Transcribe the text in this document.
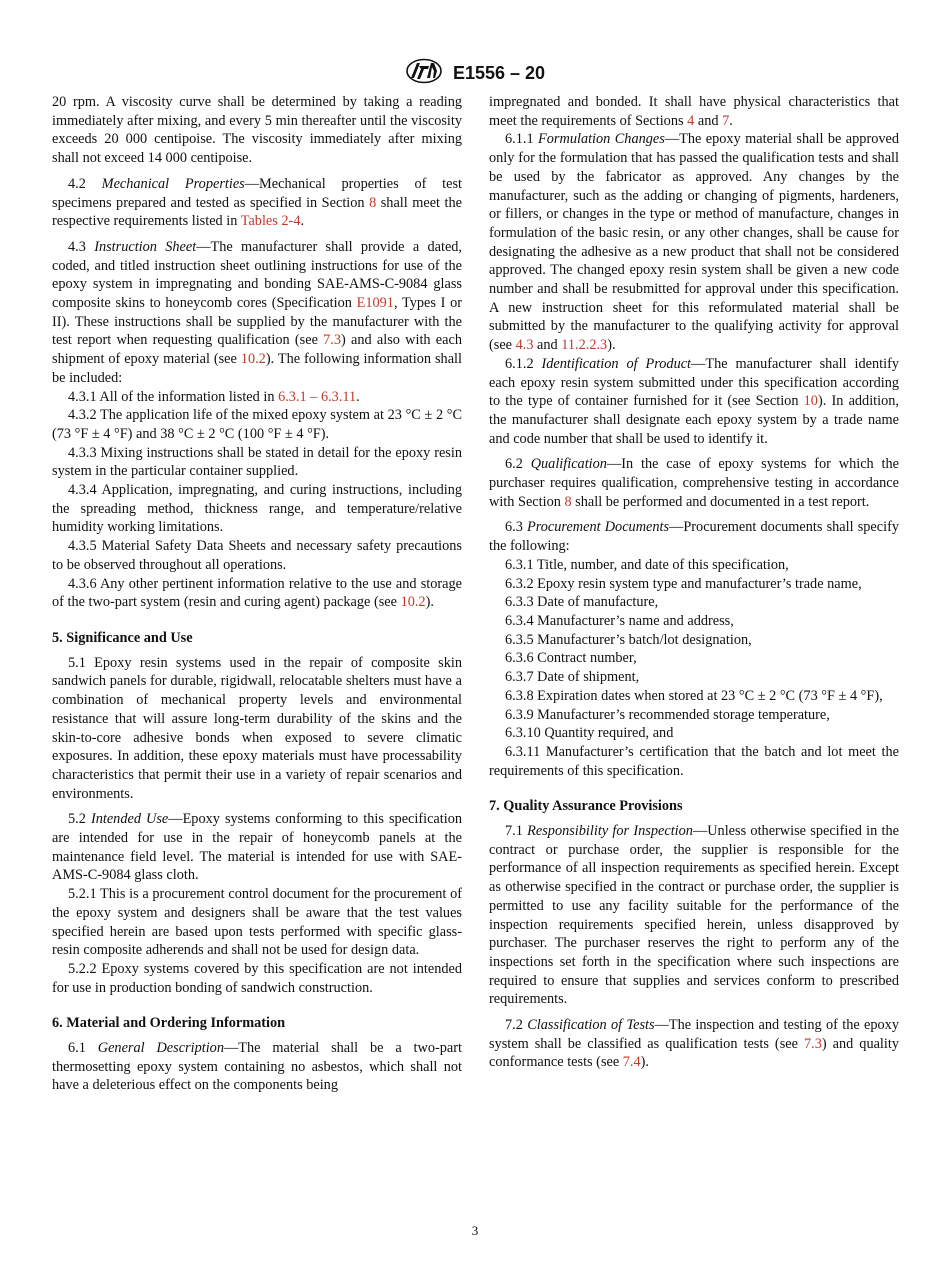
E1556 – 20

20 rpm. A viscosity curve shall be determined by taking a reading immediately after mixing, and every 5 min thereafter until the viscosity exceeds 20 000 centipoise. The viscosity immediately after mixing shall not exceed 14 000 centipoise.

4.2 Mechanical Properties—Mechanical properties of test specimens prepared and tested as specified in Section 8 shall meet the respective requirements listed in Tables 2-4.

4.3 Instruction Sheet—The manufacturer shall provide a dated, coded, and titled instruction sheet outlining instructions for use of the epoxy system in impregnating and bonding SAE-AMS-C-9084 glass composite skins to honeycomb cores (Specification E1091, Types I or II). These instructions shall be supplied by the manufacturer with the test report when requesting qualification (see 7.3) and also with each shipment of epoxy material (see 10.2). The following information shall be included:

4.3.1 All of the information listed in 6.3.1 – 6.3.11.

4.3.2 The application life of the mixed epoxy system at 23 °C ± 2 °C (73 °F ± 4 °F) and 38 °C ± 2 °C (100 °F ± 4 °F).

4.3.3 Mixing instructions shall be stated in detail for the epoxy resin system in the particular container supplied.

4.3.4 Application, impregnating, and curing instructions, including the spreading method, thickness range, and temperature/relative humidity working limitations.

4.3.5 Material Safety Data Sheets and necessary safety precautions to be observed throughout all operations.

4.3.6 Any other pertinent information relative to the use and storage of the two-part system (resin and curing agent) package (see 10.2).

5. Significance and Use

5.1 Epoxy resin systems used in the repair of composite skin sandwich panels for durable, rigidwall, relocatable shelters must have a combination of mechanical property levels and environmental resistance that will assure long-term durability of the skins and the skin-to-core adhesive bonds when exposed to severe climatic exposures. In addition, these epoxy materials must have processability characteristics that permit their use in a variety of repair scenarios and environments.

5.2 Intended Use—Epoxy systems conforming to this specification are intended for use in the repair of honeycomb panels at the maintenance field level. The material is intended for use with SAE-AMS-C-9084 glass cloth.

5.2.1 This is a procurement control document for the procurement of the epoxy system and designers shall be aware that the test values specified herein are based upon tests performed with specific glass-resin composite adherends and shall not be used for design data.

5.2.2 Epoxy systems covered by this specification are not intended for use in production bonding of sandwich construction.

6. Material and Ordering Information

6.1 General Description—The material shall be a two-part thermosetting epoxy system containing no asbestos, which shall not have a deleterious effect on the components being

impregnated and bonded. It shall have physical characteristics that meet the requirements of Sections 4 and 7.

6.1.1 Formulation Changes—The epoxy material shall be approved only for the formulation that has passed the qualification tests and shall be used by the fabricator as approved. Any changes by the manufacturer, such as the adding or changing of pigments, hardeners, or fillers, or changes in the type or method of manufacture, changes in formulation of the basic resin, or any other changes, shall be cause for designating the adhesive as a new product that shall not be considered approved. The changed epoxy resin system shall be given a new code number and shall be resubmitted for approval under this specification. A new instruction sheet for this reformulated material shall be submitted by the manufacturer to the qualifying activity for approval (see 4.3 and 11.2.2.3).

6.1.2 Identification of Product—The manufacturer shall identify each epoxy resin system submitted under this specification according to the type of container furnished for it (see Section 10). In addition, the manufacturer shall designate each epoxy system by a trade name and code number that shall be used to identify it.

6.2 Qualification—In the case of epoxy systems for which the purchaser requires qualification, comprehensive testing in accordance with Section 8 shall be performed and documented in a test report.

6.3 Procurement Documents—Procurement documents shall specify the following:

6.3.1 Title, number, and date of this specification,

6.3.2 Epoxy resin system type and manufacturer’s trade name,

6.3.3 Date of manufacture,

6.3.4 Manufacturer’s name and address,

6.3.5 Manufacturer’s batch/lot designation,

6.3.6 Contract number,

6.3.7 Date of shipment,

6.3.8 Expiration dates when stored at 23 °C ± 2 °C (73 °F ± 4 °F),

6.3.9 Manufacturer’s recommended storage temperature,

6.3.10 Quantity required, and

6.3.11 Manufacturer’s certification that the batch and lot meet the requirements of this specification.

7. Quality Assurance Provisions

7.1 Responsibility for Inspection—Unless otherwise specified in the contract or purchase order, the supplier is responsible for the performance of all inspection requirements as specified herein. Except as otherwise specified in the contract or purchase order, the supplier is permitted to use any facility suitable for the performance of the inspection requirements specified herein, unless disapproved by purchaser. The purchaser reserves the right to perform any of the inspections set forth in the specification where such inspections are required to ensure that supplies and services conform to prescribed requirements.

7.2 Classification of Tests—The inspection and testing of the epoxy system shall be classified as qualification tests (see 7.3) and quality conformance tests (see 7.4).

3
